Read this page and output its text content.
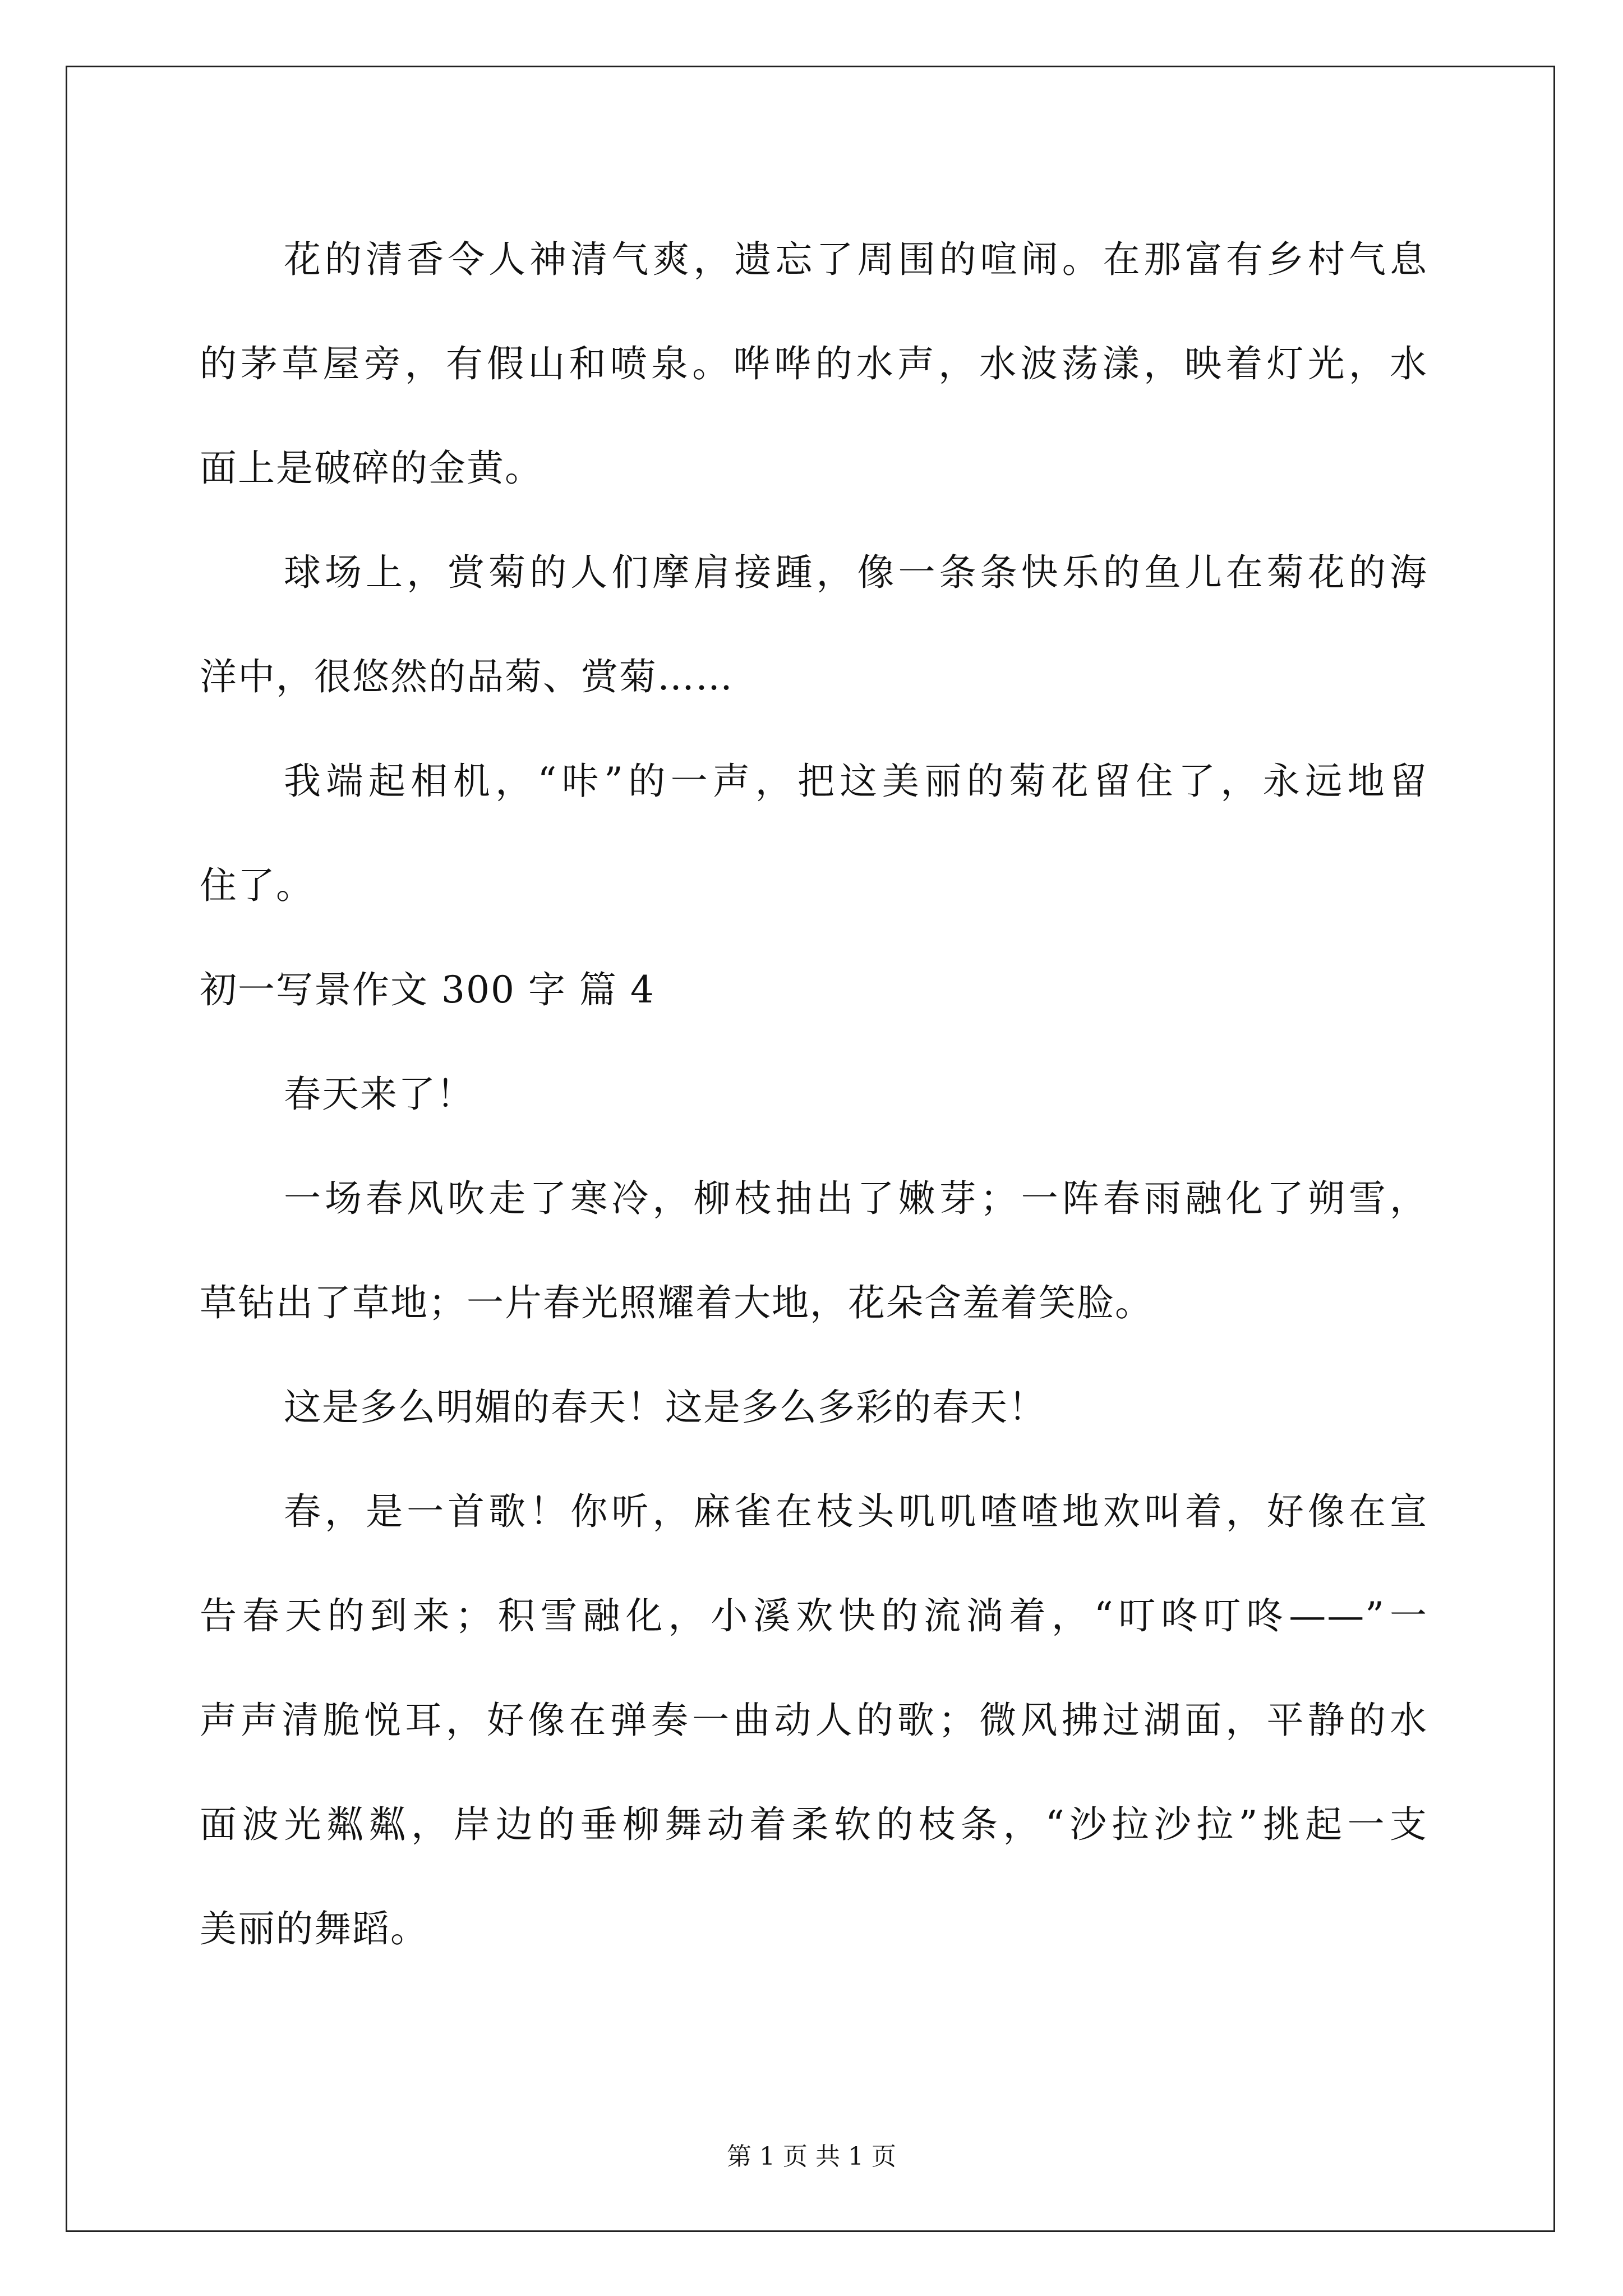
花的清香令人神清气爽，遗忘了周围的喧闹。在那富有乡村气息
的茅草屋旁，有假山和喷泉。哗哗的水声，水波荡漾，映着灯光，水
面上是破碎的金黄。
球场上，赏菊的人们摩肩接踵，像一条条快乐的鱼儿在菊花的海
洋中，很悠然的品菊、赏菊……
我端起相机，“咔”的一声，把这美丽的菊花留住了，永远地留
住了。
初一写景作文 300 字 篇 4
春天来了！
一场春风吹走了寒冷，柳枝抽出了嫩芽；一阵春雨融化了朔雪，
草钻出了草地；一片春光照耀着大地，花朵含羞着笑脸。
这是多么明媚的春天！这是多么多彩的春天！
春，是一首歌！你听，麻雀在枝头叽叽喳喳地欢叫着，好像在宣
告春天的到来；积雪融化，小溪欢快的流淌着，“叮咚叮咚——”一
声声清脆悦耳，好像在弹奏一曲动人的歌；微风拂过湖面，平静的水
面波光粼粼，岸边的垂柳舞动着柔软的枝条，“沙拉沙拉”挑起一支
美丽的舞蹈。
第 1 页 共 1 页
